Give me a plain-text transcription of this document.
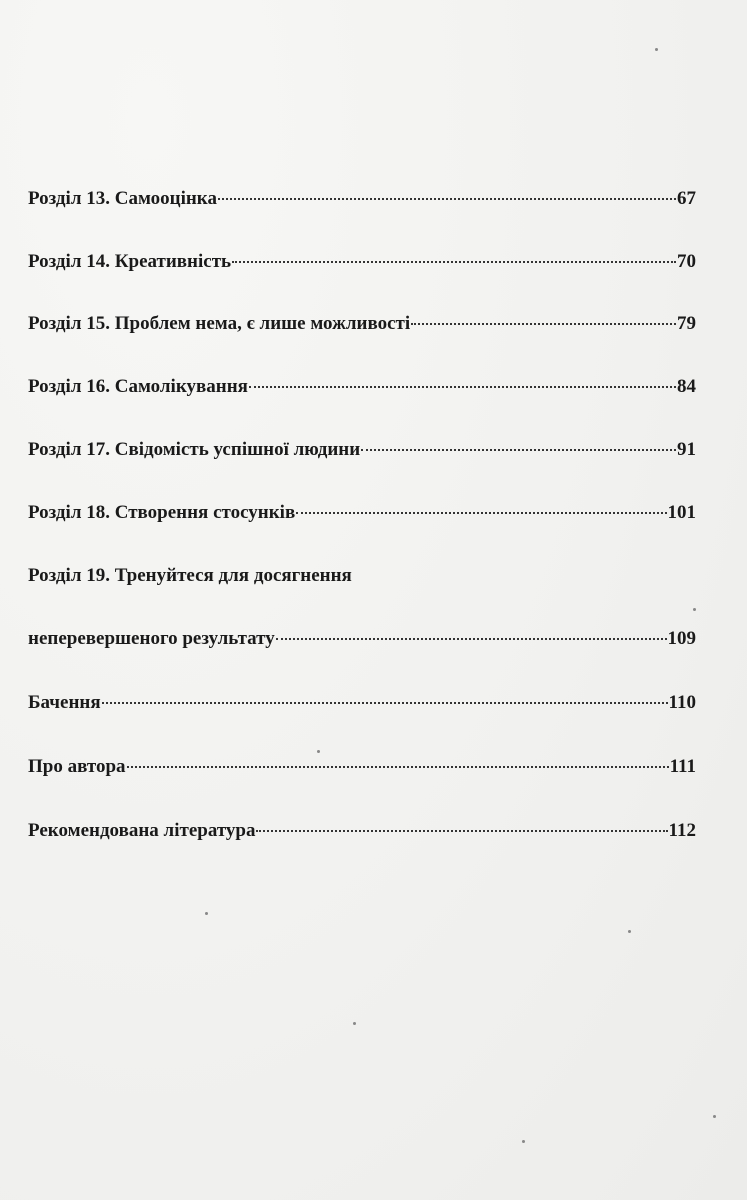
Розділ 13. Самооцінка	67
Розділ 14. Креативність	70
Розділ 15. Проблем нема, є лише можливості	79
Розділ 16. Самолікування	84
Розділ 17. Свідомість успішної людини	91
Розділ 18. Створення стосунків	101
Розділ 19. Тренуйтеся для досягнення
неперевершеного результату	109
Бачення	110
Про автора	111
Рекомендована література	112
